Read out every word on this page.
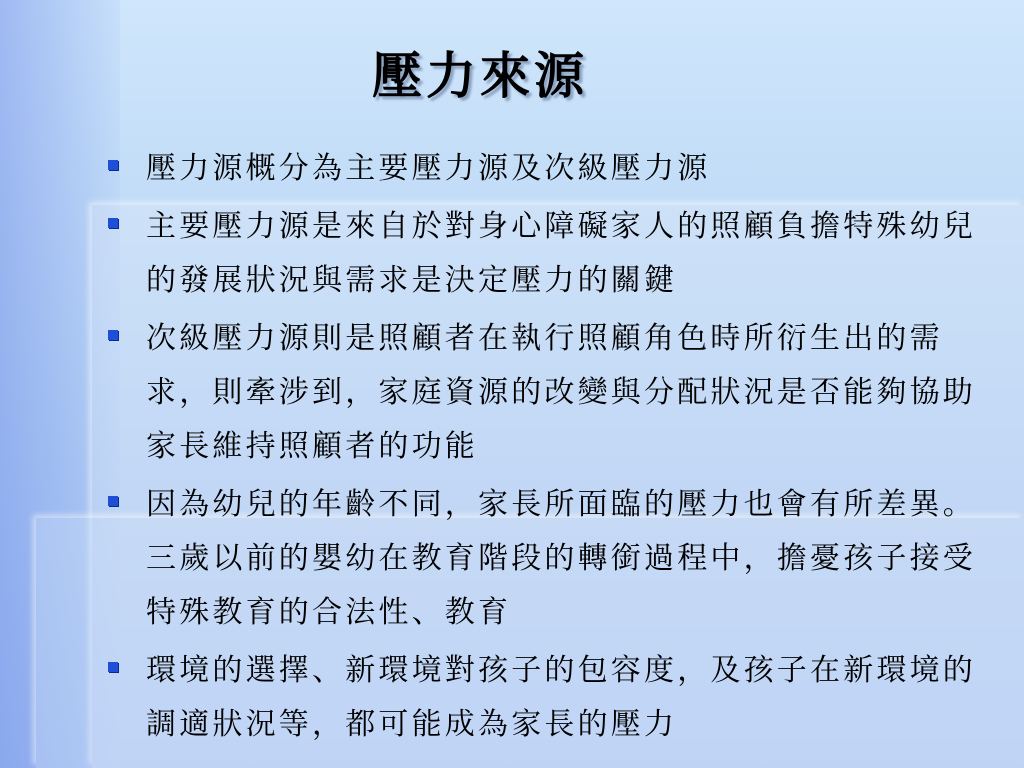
壓力來源
壓力源概分為主要壓力源及次級壓力源
主要壓力源是來自於對身心障礙家人的照顧負擔特殊幼兒的發展狀況與需求是決定壓力的關鍵
次級壓力源則是照顧者在執行照顧角色時所衍生出的需求，則牽涉到，家庭資源的改變與分配狀況是否能夠協助家長維持照顧者的功能
因為幼兒的年齡不同，家長所面臨的壓力也會有所差異。三歲以前的嬰幼在教育階段的轉銜過程中，擔憂孩子接受特殊教育的合法性、教育
環境的選擇、新環境對孩子的包容度，及孩子在新環境的調適狀況等，都可能成為家長的壓力
